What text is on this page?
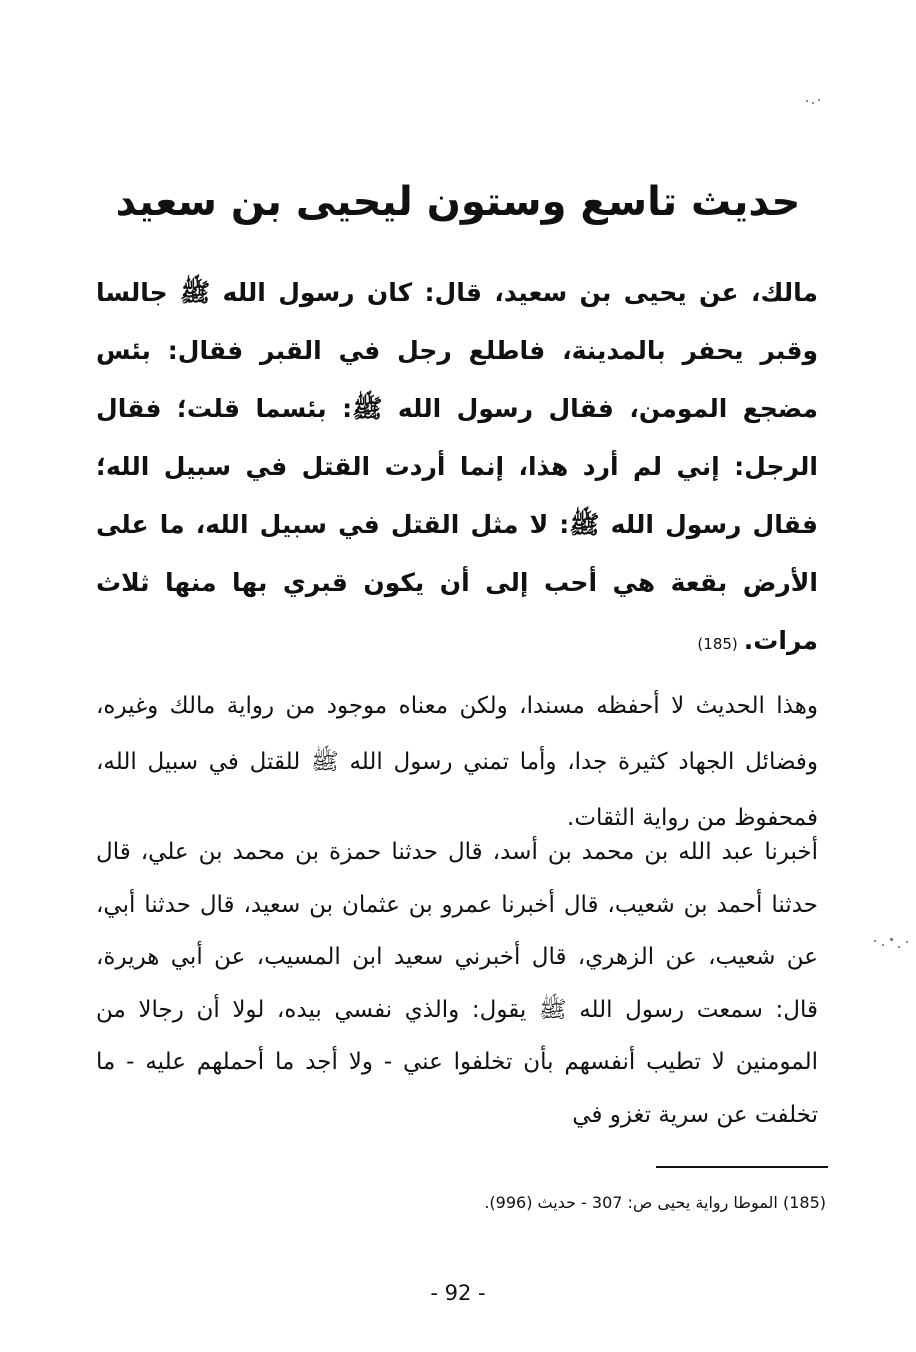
حديث تاسع وستون ليحيى بن سعيد

مالك، عن يحيى بن سعيد، قال: كان رسول الله ﷺ جالسا وقبر يحفر بالمدينة، فاطلع رجل في القبر فقال: بئس مضجع المومن، فقال رسول الله ﷺ: بئسما قلت؛ فقال الرجل: إني لم أرد هذا، إنما أردت القتل في سبيل الله؛ فقال رسول الله ﷺ: لا مثل القتل في سبيل الله، ما على الأرض بقعة هي أحب إلى أن يكون قبري بها منها ثلاث مرات.(185)

وهذا الحديث لا أحفظه مسندا، ولكن معناه موجود من رواية مالك وغيره، وفضائل الجهاد كثيرة جدا، وأما تمني رسول الله ﷺ للقتل في سبيل الله، فمحفوظ من رواية الثقات.

أخبرنا عبد الله بن محمد بن أسد، قال حدثنا حمزة بن محمد بن علي، قال حدثنا أحمد بن شعيب، قال أخبرنا عمرو بن عثمان بن سعيد، قال حدثنا أبي، عن شعيب، عن الزهري، قال أخبرني سعيد ابن المسيب، عن أبي هريرة، قال: سمعت رسول الله ﷺ يقول: والذي نفسي بيده، لولا أن رجالا من المومنين لا تطيب أنفسهم بأن تخلفوا عني - ولا أجد ما أحملهم عليه - ما تخلفت عن سرية تغزو في

(185) الموطا رواية يحيى ص: 307 - حديث (996).
- 92 -
